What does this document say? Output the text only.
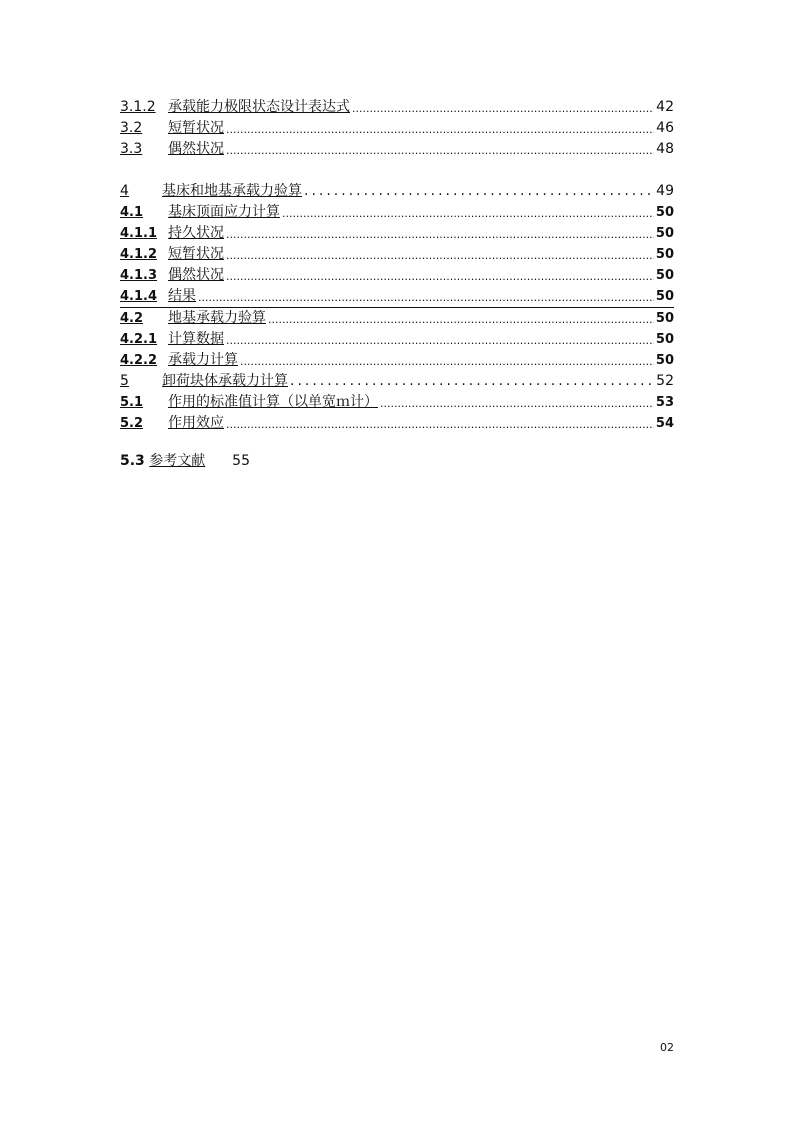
3.1.2 承载能力极限状态设计表达式 .....	42
3.2	短暂状况 .....	46
3.3	偶然状况 .....	48
4	基床和地基承载力验算 .....	49
4.1	基床顶面应力计算 .....	50
4.1.1 持久状况 .....	50
4.1.2 短暂状况 .....	50
4.1.3 偶然状况 .....	50
4.1.4 结果 .....	50
4.2	地基承载力验算 .....	50
4.2.1 计算数据 .....	50
4.2.2 承载力计算 .....	50
5	卸荷块体承载力计算 .....	52
5.1	作用的标准值计算（以单宽ｍ计） .....	53
5.2	作用效应 .....	54
5.3 参考文献 55
02
